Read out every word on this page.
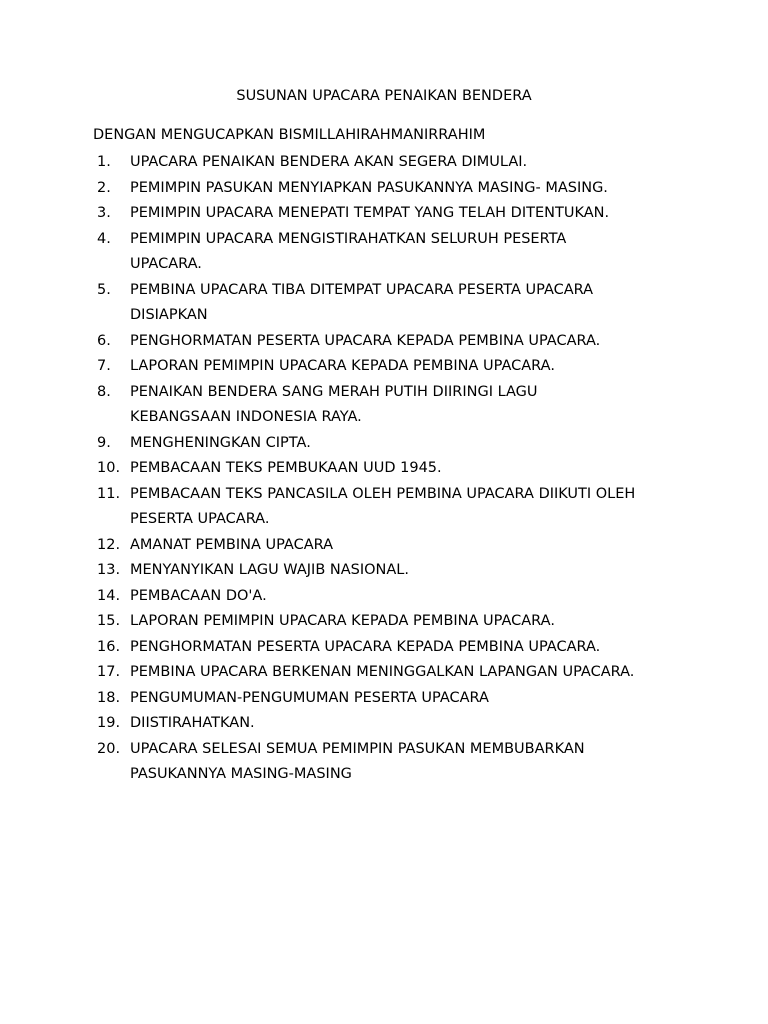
SUSUNAN UPACARA PENAIKAN BENDERA
DENGAN MENGUCAPKAN BISMILLAHIRAHMANIRRAHIM
1. UPACARA PENAIKAN BENDERA AKAN SEGERA DIMULAI.
2. PEMIMPIN PASUKAN MENYIAPKAN PASUKANNYA MASING- MASING.
3. PEMIMPIN UPACARA MENEPATI TEMPAT YANG TELAH DITENTUKAN.
4. PEMIMPIN UPACARA MENGISTIRAHATKAN SELURUH PESERTA
UPACARA.
5. PEMBINA UPACARA TIBA DITEMPAT UPACARA PESERTA UPACARA
DISIAPKAN
6. PENGHORMATAN PESERTA UPACARA KEPADA PEMBINA UPACARA.
7. LAPORAN PEMIMPIN UPACARA KEPADA PEMBINA UPACARA.
8. PENAIKAN BENDERA SANG MERAH PUTIH DIIRINGI LAGU
KEBANGSAAN INDONESIA RAYA.
9. MENGHENINGKAN CIPTA.
10. PEMBACAAN TEKS PEMBUKAAN UUD 1945.
11. PEMBACAAN TEKS PANCASILA OLEH PEMBINA UPACARA DIIKUTI OLEH
PESERTA UPACARA.
12. AMANAT PEMBINA UPACARA
13. MENYANYIKAN LAGU WAJIB NASIONAL.
14. PEMBACAAN DO'A.
15. LAPORAN PEMIMPIN UPACARA KEPADA PEMBINA UPACARA.
16. PENGHORMATAN PESERTA UPACARA KEPADA PEMBINA UPACARA.
17. PEMBINA UPACARA BERKENAN MENINGGALKAN LAPANGAN UPACARA.
18. PENGUMUMAN-PENGUMUMAN PESERTA UPACARA
19. DIISTIRAHATKAN.
20. UPACARA SELESAI SEMUA PEMIMPIN PASUKAN MEMBUBARKAN
PASUKANNYA MASING-MASING
